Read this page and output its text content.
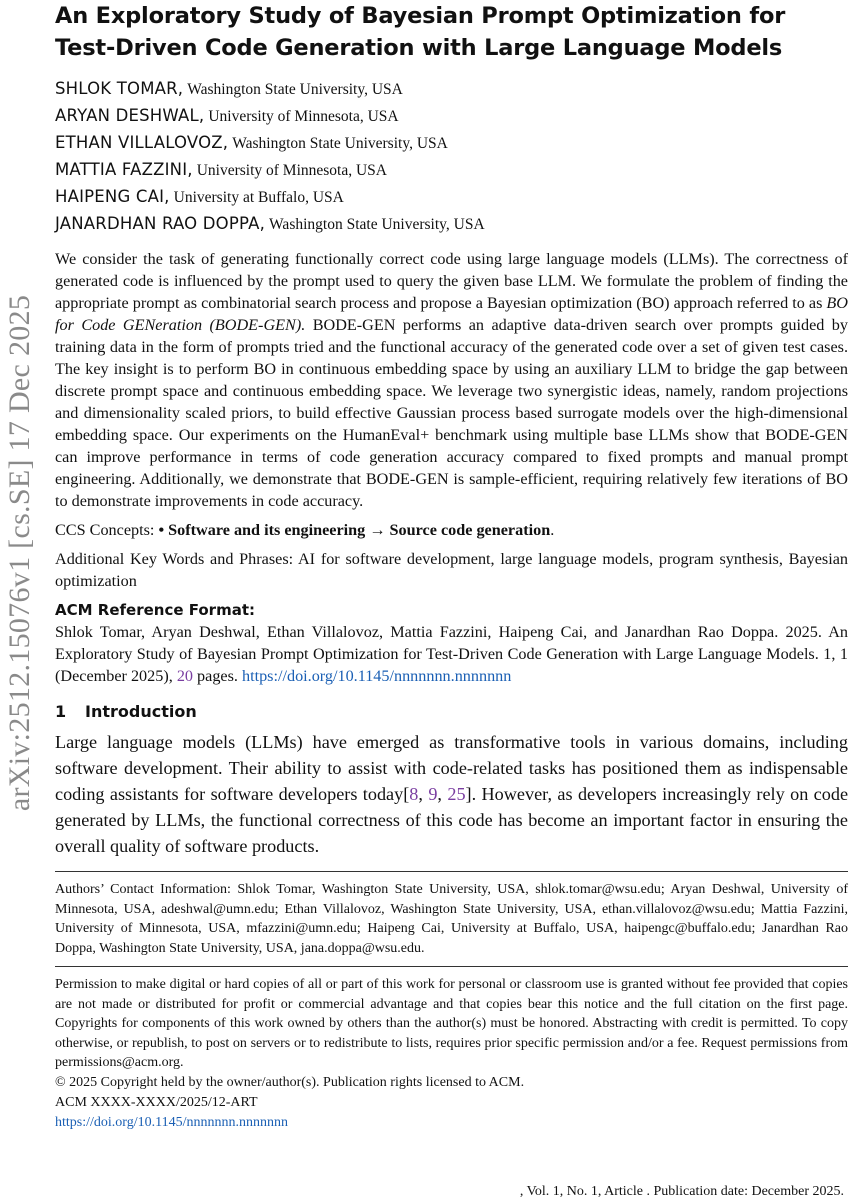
arXiv:2512.15076v1 [cs.SE] 17 Dec 2025
An Exploratory Study of Bayesian Prompt Optimization for
Test-Driven Code Generation with Large Language Models
SHLOK TOMAR, Washington State University, USA
ARYAN DESHWAL, University of Minnesota, USA
ETHAN VILLALOVOZ, Washington State University, USA
MATTIA FAZZINI, University of Minnesota, USA
HAIPENG CAI, University at Buffalo, USA
JANARDHAN RAO DOPPA, Washington State University, USA

We consider the task of generating functionally correct code using large language models (LLMs). The correctness of generated code is influenced by the prompt used to query the given base LLM. We formulate the problem of finding the appropriate prompt as combinatorial search process and propose a Bayesian optimization (BO) approach referred to as BO for Code GENeration (BODE-GEN). BODE-GEN performs an adaptive data-driven search over prompts guided by training data in the form of prompts tried and the functional accuracy of the generated code over a set of given test cases. The key insight is to perform BO in continuous embedding space by using an auxiliary LLM to bridge the gap between discrete prompt space and continuous embedding space. We leverage two synergistic ideas, namely, random projections and dimensionality scaled priors, to build effective Gaussian process based surrogate models over the high-dimensional embedding space. Our experiments on the HumanEval+ benchmark using multiple base LLMs show that BODE-GEN can improve performance in terms of code generation accuracy compared to fixed prompts and manual prompt engineering. Additionally, we demonstrate that BODE-GEN is sample-efficient, requiring relatively few iterations of BO to demonstrate improvements in code accuracy.

CCS Concepts: • Software and its engineering → Source code generation.

Additional Key Words and Phrases: AI for software development, large language models, program synthesis, Bayesian optimization

ACM Reference Format:

Shlok Tomar, Aryan Deshwal, Ethan Villalovoz, Mattia Fazzini, Haipeng Cai, and Janardhan Rao Doppa. 2025. An Exploratory Study of Bayesian Prompt Optimization for Test-Driven Code Generation with Large Language Models. 1, 1 (December 2025), 20 pages. https://doi.org/10.1145/nnnnnnn.nnnnnnn

1 Introduction

Large language models (LLMs) have emerged as transformative tools in various domains, including software development. Their ability to assist with code-related tasks has positioned them as indispensable coding assistants for software developers today[8, 9, 25]. However, as developers increasingly rely on code generated by LLMs, the functional correctness of this code has become an important factor in ensuring the overall quality of software products.

Authors’ Contact Information: Shlok Tomar, Washington State University, USA, shlok.tomar@wsu.edu; Aryan Deshwal, University of Minnesota, USA, adeshwal@umn.edu; Ethan Villalovoz, Washington State University, USA, ethan.villalovoz@wsu.edu; Mattia Fazzini, University of Minnesota, USA, mfazzini@umn.edu; Haipeng Cai, University at Buffalo, USA, haipengc@buffalo.edu; Janardhan Rao Doppa, Washington State University, USA, jana.doppa@wsu.edu.

Permission to make digital or hard copies of all or part of this work for personal or classroom use is granted without fee provided that copies are not made or distributed for profit or commercial advantage and that copies bear this notice and the full citation on the first page. Copyrights for components of this work owned by others than the author(s) must be honored. Abstracting with credit is permitted. To copy otherwise, or republish, to post on servers or to redistribute to lists, requires prior specific permission and/or a fee. Request permissions from permissions@acm.org.

© 2025 Copyright held by the owner/author(s). Publication rights licensed to ACM.
ACM XXXX-XXXX/2025/12-ART
https://doi.org/10.1145/nnnnnnn.nnnnnnn
, Vol. 1, No. 1, Article . Publication date: December 2025.
